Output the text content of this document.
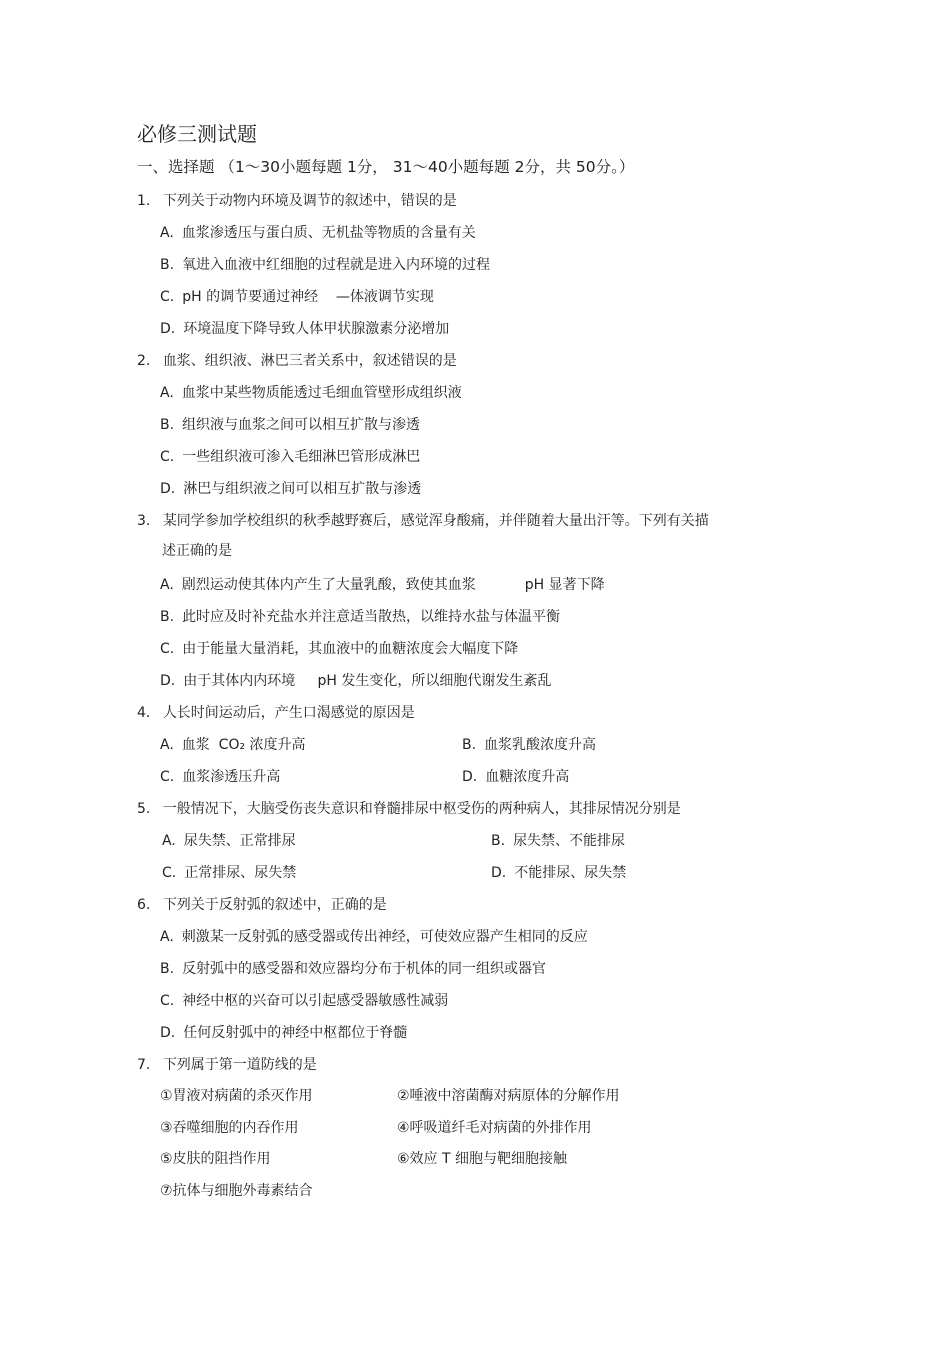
必修三测试题
一、选择题 （1～30小题每题 1分， 31～40小题每题 2分，共 50分。）
1. 下列关于动物内环境及调节的叙述中，错误的是
A. 血浆渗透压与蛋白质、无机盐等物质的含量有关
B. 氧进入血液中红细胞的过程就是进入内环境的过程
C. pH 的调节要通过神经    —体液调节实现
D. 环境温度下降导致人体甲状腺激素分泌增加
2. 血浆、组织液、淋巴三者关系中，叙述错误的是
A. 血浆中某些物质能透过毛细血管壁形成组织液
B. 组织液与血浆之间可以相互扩散与渗透
C. 一些组织液可渗入毛细淋巴管形成淋巴
D. 淋巴与组织液之间可以相互扩散与渗透
3. 某同学参加学校组织的秋季越野赛后，感觉浑身酸痛，并伴随着大量出汗等。下列有关描
述正确的是
A. 剧烈运动使其体内产生了大量乳酸，致使其血浆           pH 显著下降
B. 此时应及时补充盐水并注意适当散热，以维持水盐与体温平衡
C. 由于能量大量消耗，其血液中的血糖浓度会大幅度下降
D. 由于其体内内环境     pH 发生变化，所以细胞代谢发生紊乱
4. 人长时间运动后，产生口渴感觉的原因是
A. 血浆  CO₂ 浓度升高	B. 血浆乳酸浓度升高
C. 血浆渗透压升高	D. 血糖浓度升高
5. 一般情况下，大脑受伤丧失意识和脊髓排尿中枢受伤的两种病人，其排尿情况分别是
A. 尿失禁、正常排尿	B. 尿失禁、不能排尿
C. 正常排尿、尿失禁	D. 不能排尿、尿失禁
6. 下列关于反射弧的叙述中，正确的是
A. 刺激某一反射弧的感受器或传出神经，可使效应器产生相同的反应
B. 反射弧中的感受器和效应器均分布于机体的同一组织或器官
C. 神经中枢的兴奋可以引起感受器敏感性减弱
D. 任何反射弧中的神经中枢都位于脊髓
7. 下列属于第一道防线的是
①胃液对病菌的杀灭作用	②唾液中溶菌酶对病原体的分解作用
③吞噬细胞的内吞作用	④呼吸道纤毛对病菌的外排作用
⑤皮肤的阻挡作用	⑥效应 T 细胞与靶细胞接触
⑦抗体与细胞外毒素结合
